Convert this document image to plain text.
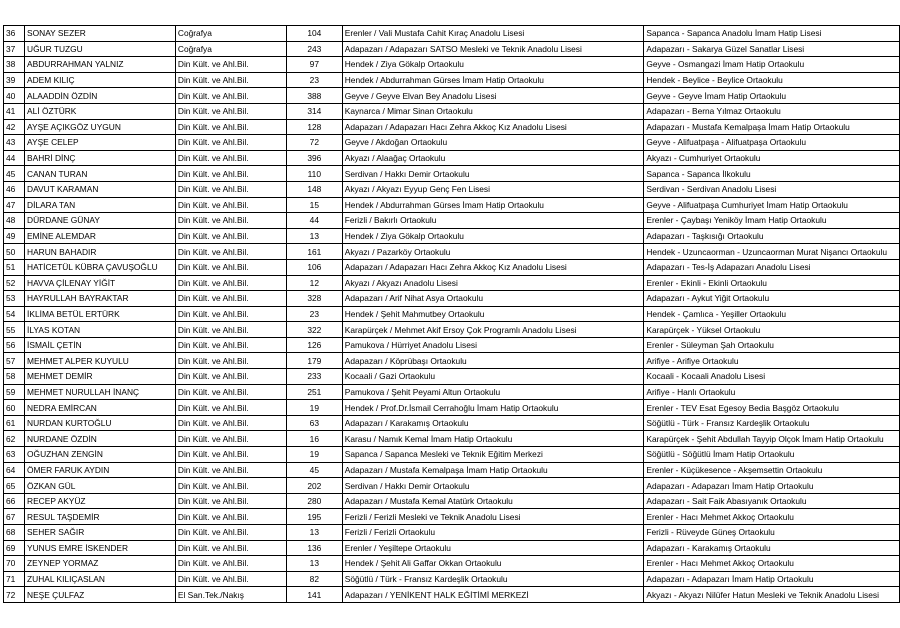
36	SONAY SEZER	Coğrafya	104	Erenler / Vali Mustafa Cahit Kıraç Anadolu Lisesi	Sapanca - Sapanca Anadolu İmam Hatip Lisesi
37	UĞUR TUZGU	Coğrafya	243	Adapazarı / Adapazarı SATSO Mesleki ve Teknik Anadolu Lisesi	Adapazarı - Sakarya Güzel Sanatlar Lisesi
38	ABDURRAHMAN YALNIZ	Din Kült. ve Ahl.Bil.	97	Hendek / Ziya Gökalp Ortaokulu	Geyve - Osmangazi İmam Hatip Ortaokulu
39	ADEM KILIÇ	Din Kült. ve Ahl.Bil.	23	Hendek / Abdurrahman Gürses İmam Hatip Ortaokulu	Hendek - Beylice - Beylice Ortaokulu
40	ALAADDİN ÖZDİN	Din Kült. ve Ahl.Bil.	388	Geyve / Geyve Elvan Bey Anadolu Lisesi	Geyve - Geyve İmam Hatip Ortaokulu
41	ALİ ÖZTÜRK	Din Kült. ve Ahl.Bil.	314	Kaynarca / Mimar Sinan Ortaokulu	Adapazarı - Berna Yılmaz Ortaokulu
42	AYŞE AÇIKGÖZ UYGUN	Din Kült. ve Ahl.Bil.	128	Adapazarı / Adapazarı Hacı Zehra Akkoç Kız Anadolu Lisesi	Adapazarı - Mustafa Kemalpaşa İmam Hatip Ortaokulu
43	AYŞE CELEP	Din Kült. ve Ahl.Bil.	72	Geyve / Akdoğan Ortaokulu	Geyve - Alifuatpaşa - Alifuatpaşa Ortaokulu
44	BAHRİ DİNÇ	Din Kült. ve Ahl.Bil.	396	Akyazı / Alaağaç Ortaokulu	Akyazı - Cumhuriyet Ortaokulu
45	CANAN TURAN	Din Kült. ve Ahl.Bil.	110	Serdivan / Hakkı Demir Ortaokulu	Sapanca - Sapanca İlkokulu
46	DAVUT KARAMAN	Din Kült. ve Ahl.Bil.	148	Akyazı / Akyazı Eyyup Genç Fen Lisesi	Serdivan - Serdivan Anadolu Lisesi
47	DİLARA TAN	Din Kült. ve Ahl.Bil.	15	Hendek / Abdurrahman Gürses İmam Hatip Ortaokulu	Geyve - Alifuatpaşa Cumhuriyet İmam Hatip Ortaokulu
48	DÜRDANE GÜNAY	Din Kült. ve Ahl.Bil.	44	Ferizli / Bakırlı Ortaokulu	Erenler - Çaybaşı Yeniköy İmam Hatip Ortaokulu
49	EMİNE ALEMDAR	Din Kült. ve Ahl.Bil.	13	Hendek / Ziya Gökalp Ortaokulu	Adapazarı - Taşkısığı Ortaokulu
50	HARUN BAHADIR	Din Kült. ve Ahl.Bil.	161	Akyazı / Pazarköy Ortaokulu	Hendek - Uzuncaorman - Uzuncaorman Murat Nişancı Ortaokulu
51	HATİCETÜL KÜBRA ÇAVUŞOĞLU	Din Kült. ve Ahl.Bil.	106	Adapazarı / Adapazarı Hacı Zehra Akkoç Kız Anadolu Lisesi	Adapazarı - Tes-İş Adapazarı Anadolu Lisesi
52	HAVVA ÇİLENAY YİĞİT	Din Kült. ve Ahl.Bil.	12	Akyazı / Akyazı Anadolu Lisesi	Erenler - Ekinli - Ekinli Ortaokulu
53	HAYRULLAH BAYRAKTAR	Din Kült. ve Ahl.Bil.	328	Adapazarı / Arif Nihat Asya Ortaokulu	Adapazarı - Aykut Yiğit Ortaokulu
54	İKLİMA BETÜL ERTÜRK	Din Kült. ve Ahl.Bil.	23	Hendek / Şehit Mahmutbey Ortaokulu	Hendek - Çamlıca - Yeşiller Ortaokulu
55	İLYAS KOTAN	Din Kült. ve Ahl.Bil.	322	Karapürçek / Mehmet Akif Ersoy Çok Programlı Anadolu Lisesi	Karapürçek - Yüksel Ortaokulu
56	İSMAİL ÇETİN	Din Kült. ve Ahl.Bil.	126	Pamukova / Hürriyet Anadolu Lisesi	Erenler - Süleyman Şah Ortaokulu
57	MEHMET ALPER KUYULU	Din Kült. ve Ahl.Bil.	179	Adapazarı / Köprübaşı Ortaokulu	Arifiye - Arifiye Ortaokulu
58	MEHMET DEMİR	Din Kült. ve Ahl.Bil.	233	Kocaali / Gazi Ortaokulu	Kocaali - Kocaali Anadolu Lisesi
59	MEHMET NURULLAH İNANÇ	Din Kült. ve Ahl.Bil.	251	Pamukova / Şehit Peyami Altun Ortaokulu	Arifiye - Hanlı Ortaokulu
60	NEDRA EMİRCAN	Din Kült. ve Ahl.Bil.	19	Hendek / Prof.Dr.İsmail Cerrahoğlu İmam Hatip Ortaokulu	Erenler - TEV Esat Egesoy Bedia Başgöz Ortaokulu
61	NURDAN KURTOĞLU	Din Kült. ve Ahl.Bil.	63	Adapazarı / Karakamış Ortaokulu	Söğütlü - Türk - Fransız Kardeşlik Ortaokulu
62	NURDANE ÖZDİN	Din Kült. ve Ahl.Bil.	16	Karasu / Namık Kemal İmam Hatip Ortaokulu	Karapürçek - Şehit Abdullah Tayyip Olçok İmam Hatip Ortaokulu
63	OĞUZHAN ZENGİN	Din Kült. ve Ahl.Bil.	19	Sapanca / Sapanca Mesleki ve Teknik Eğitim Merkezi	Söğütlü - Söğütlü İmam Hatip Ortaokulu
64	ÖMER FARUK AYDIN	Din Kült. ve Ahl.Bil.	45	Adapazarı / Mustafa Kemalpaşa İmam Hatip Ortaokulu	Erenler - Küçükesence - Akşemsettin Ortaokulu
65	ÖZKAN GÜL	Din Kült. ve Ahl.Bil.	202	Serdivan / Hakkı Demir Ortaokulu	Adapazarı - Adapazarı İmam Hatip Ortaokulu
66	RECEP AKYÜZ	Din Kült. ve Ahl.Bil.	280	Adapazarı / Mustafa Kemal Atatürk Ortaokulu	Adapazarı - Sait Faik Abasıyanık Ortaokulu
67	RESUL TAŞDEMİR	Din Kült. ve Ahl.Bil.	195	Ferizli / Ferizli Mesleki ve Teknik Anadolu Lisesi	Erenler - Hacı Mehmet Akkoç Ortaokulu
68	SEHER SAĞIR	Din Kült. ve Ahl.Bil.	13	Ferizli / Ferizli Ortaokulu	Ferizli - Rüveyde Güneş Ortaokulu
69	YUNUS EMRE İSKENDER	Din Kült. ve Ahl.Bil.	136	Erenler / Yeşiltepe Ortaokulu	Adapazarı - Karakamış Ortaokulu
70	ZEYNEP YORMAZ	Din Kült. ve Ahl.Bil.	13	Hendek / Şehit Ali Gaffar Okkan Ortaokulu	Erenler - Hacı Mehmet Akkoç Ortaokulu
71	ZUHAL KILIÇASLAN	Din Kült. ve Ahl.Bil.	82	Söğütlü / Türk - Fransız Kardeşlik Ortaokulu	Adapazarı - Adapazarı İmam Hatip Ortaokulu
72	NEŞE ÇULFAZ	El San.Tek./Nakış	141	Adapazarı / YENİKENT HALK EĞİTİMİ MERKEZİ	Akyazı - Akyazı Nilüfer Hatun Mesleki ve Teknik Anadolu Lisesi
